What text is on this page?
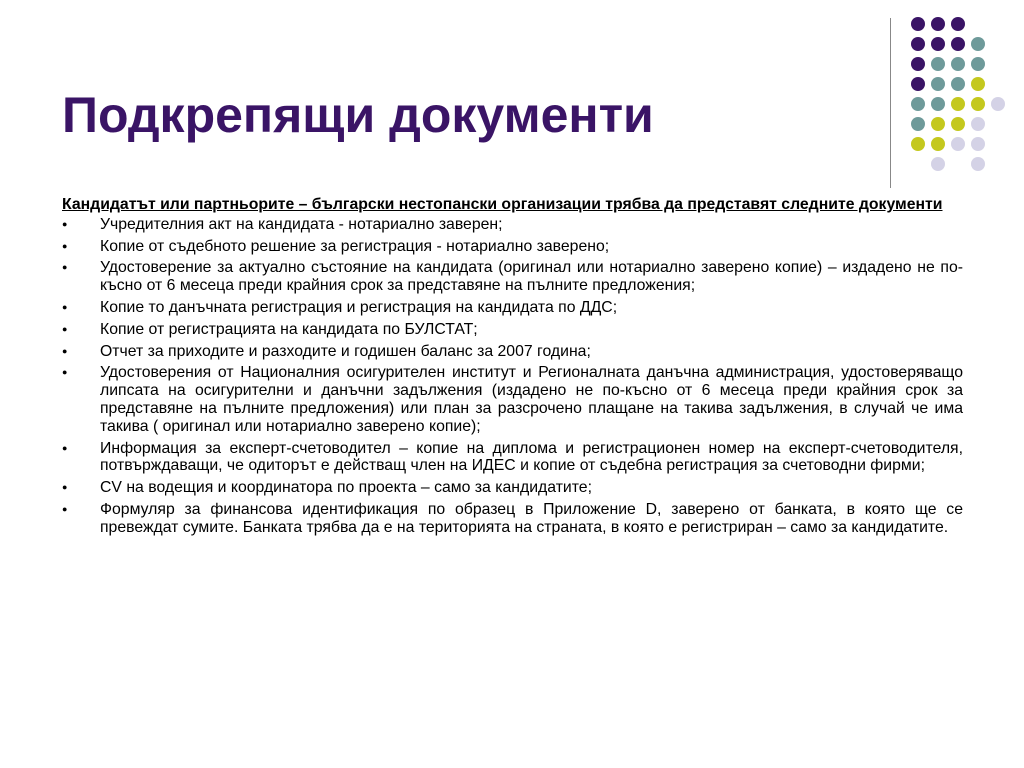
Подкрепящи документи

Кандидатът или партньорите – български нестопански организации трябва да представят следните документи

● Учредителния акт на кандидата - нотариално заверен;
● Копие от съдебното решение за регистрация - нотариално заверено;
● Удостоверение за актуално състояние на кандидата (оригинал или нотариално заверено копие) – издадено не по-късно от 6 месеца преди крайния срок за представяне на пълните предложения;
● Копие то данъчната регистрация и регистрация на кандидата по ДДС;
● Копие от регистрацията на кандидата по БУЛСТАТ;
● Отчет за приходите и разходите и годишен баланс за 2007 година;
● Удостоверения от Националния осигурителен институт и Регионалната данъчна администрация, удостоверяващо липсата на осигурителни и данъчни задължения (издадено не по-късно от 6 месеца преди крайния срок за представяне на пълните предложения) или план за разсрочено плащане на такива задължения, в случай че има такива ( оригинал или нотариално заверено копие);
● Информация за експерт-счетоводител – копие на диплома и регистрационен номер на експерт-счетоводителя, потвърждаващи, че одиторът е действащ член на ИДЕС и копие от съдебна регистрация за счетоводни фирми;
● CV на водещия и координатора по проекта – само за кандидатите;
● Формуляр за финансова идентификация по образец в Приложение D, заверено от банката, в която ще се превеждат сумите. Банката трябва да е на територията на страната, в която е регистриран – само за кандидатите.
